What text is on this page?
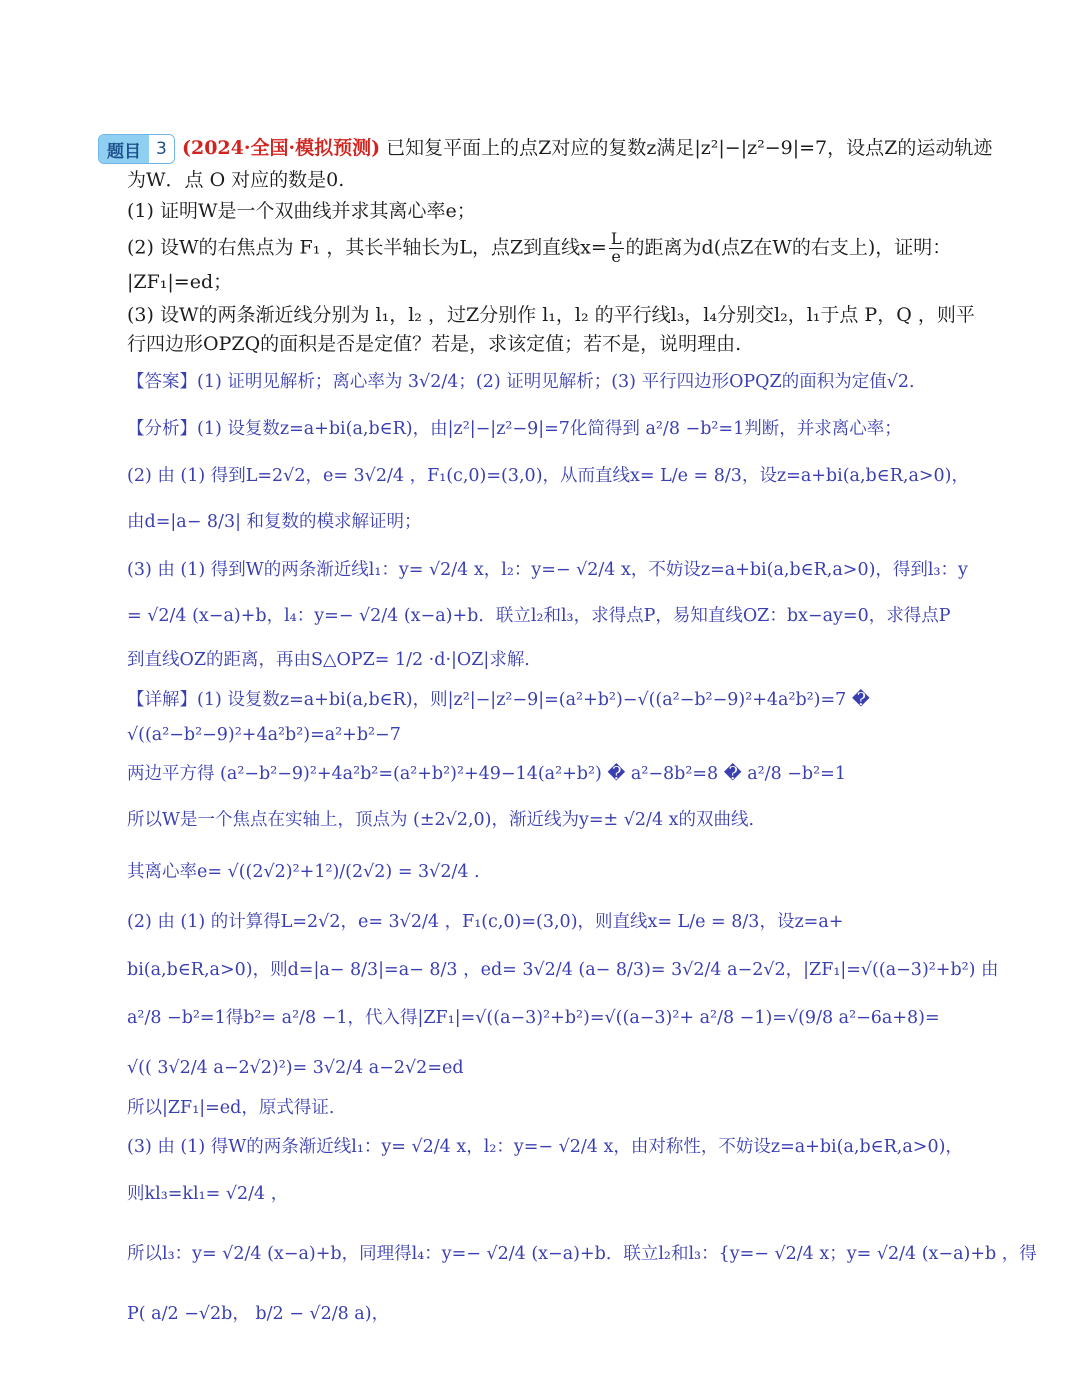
题目 3 (2024·全国·模拟预测) 已知复平面上的点Z对应的复数z满足|z²|−|z²−9|=7，设点Z的运动轨迹
为W．点 O 对应的数是0.
(1) 证明W是一个双曲线并求其离心率e；
(2) 设W的右焦点为 F₁ ，其长半轴长为L，点Z到直线$x= \frac{L}{e}$ 的距离为d(点Z在W的右支上)，证明：
|ZF₁|=ed；
(3) 设W的两条渐近线分别为 l₁，l₂ ，过Z分别作 l₁，l₂ 的平行线l₃，l₄分别交l₂，l₁于点 P，Q ，则平
行四边形OPZQ的面积是否是定值？若是，求该定值；若不是，说明理由.
【答案】(1) 证明见解析；离心率为 3√2/4；(2) 证明见解析；(3) 平行四边形OPQZ的面积为定值√2.
【分析】(1) 设复数z=a+bi(a,b∈R)，由|z²|−|z²−9|=7化简得到 a²/8 −b²=1判断，并求离心率；
(2) 由 (1) 得到L=2√2，e= 3√2/4 ，F₁(c,0)=(3,0)，从而直线x= L/e = 8/3，设z=a+bi(a,b∈R,a>0)，
由d=|a− 8/3| 和复数的模求解证明；
(3) 由 (1) 得到W的两条渐近线l₁：y= √2/4 x，l₂：y=− √2/4 x，不妨设z=a+bi(a,b∈R,a>0)，得到l₃：y
= √2/4 (x−a)+b，l₄：y=− √2/4 (x−a)+b．联立l₂和l₃，求得点P，易知直线OZ：bx−ay=0，求得点P
到直线OZ的距离，再由S△OPZ= 1/2 ·d·|OZ|求解.
【详解】(1) 设复数z=a+bi(a,b∈R)，则|z²|−|z²−9|=(a²+b²)−√((a²−b²−9)²+4a²b²)=7 �
√((a²−b²−9)²+4a²b²)=a²+b²−7
两边平方得 (a²−b²−9)²+4a²b²=(a²+b²)²+49−14(a²+b²) � a²−8b²=8 � a²/8 −b²=1
所以W是一个焦点在实轴上，顶点为 (±2√2,0)，渐近线为y=± √2/4 x的双曲线.
其离心率e= √((2√2)²+1²)/(2√2) = 3√2/4 .
(2) 由 (1) 的计算得L=2√2，e= 3√2/4 ，F₁(c,0)=(3,0)，则直线x= L/e = 8/3，设z=a+
bi(a,b∈R,a>0)，则d=|a− 8/3|=a− 8/3 ，ed= 3√2/4 (a− 8/3)= 3√2/4 a−2√2，|ZF₁|=√((a−3)²+b²) 由
a²/8 −b²=1得b²= a²/8 −1，代入得|ZF₁|=√((a−3)²+b²)=√((a−3)²+ a²/8 −1)=√(9/8 a²−6a+8)=
√(( 3√2/4 a−2√2)²)= 3√2/4 a−2√2=ed
所以|ZF₁|=ed，原式得证.
(3) 由 (1) 得W的两条渐近线l₁：y= √2/4 x，l₂：y=− √2/4 x，由对称性，不妨设z=a+bi(a,b∈R,a>0)，
则kl₃=kl₁= √2/4 ，
所以l₃：y= √2/4 (x−a)+b，同理得l₄：y=− √2/4 (x−a)+b．联立l₂和l₃：{y=− √2/4 x；y= √2/4 (x−a)+b ，得
P( a/2 −√2b， b/2 − √2/8 a)，
